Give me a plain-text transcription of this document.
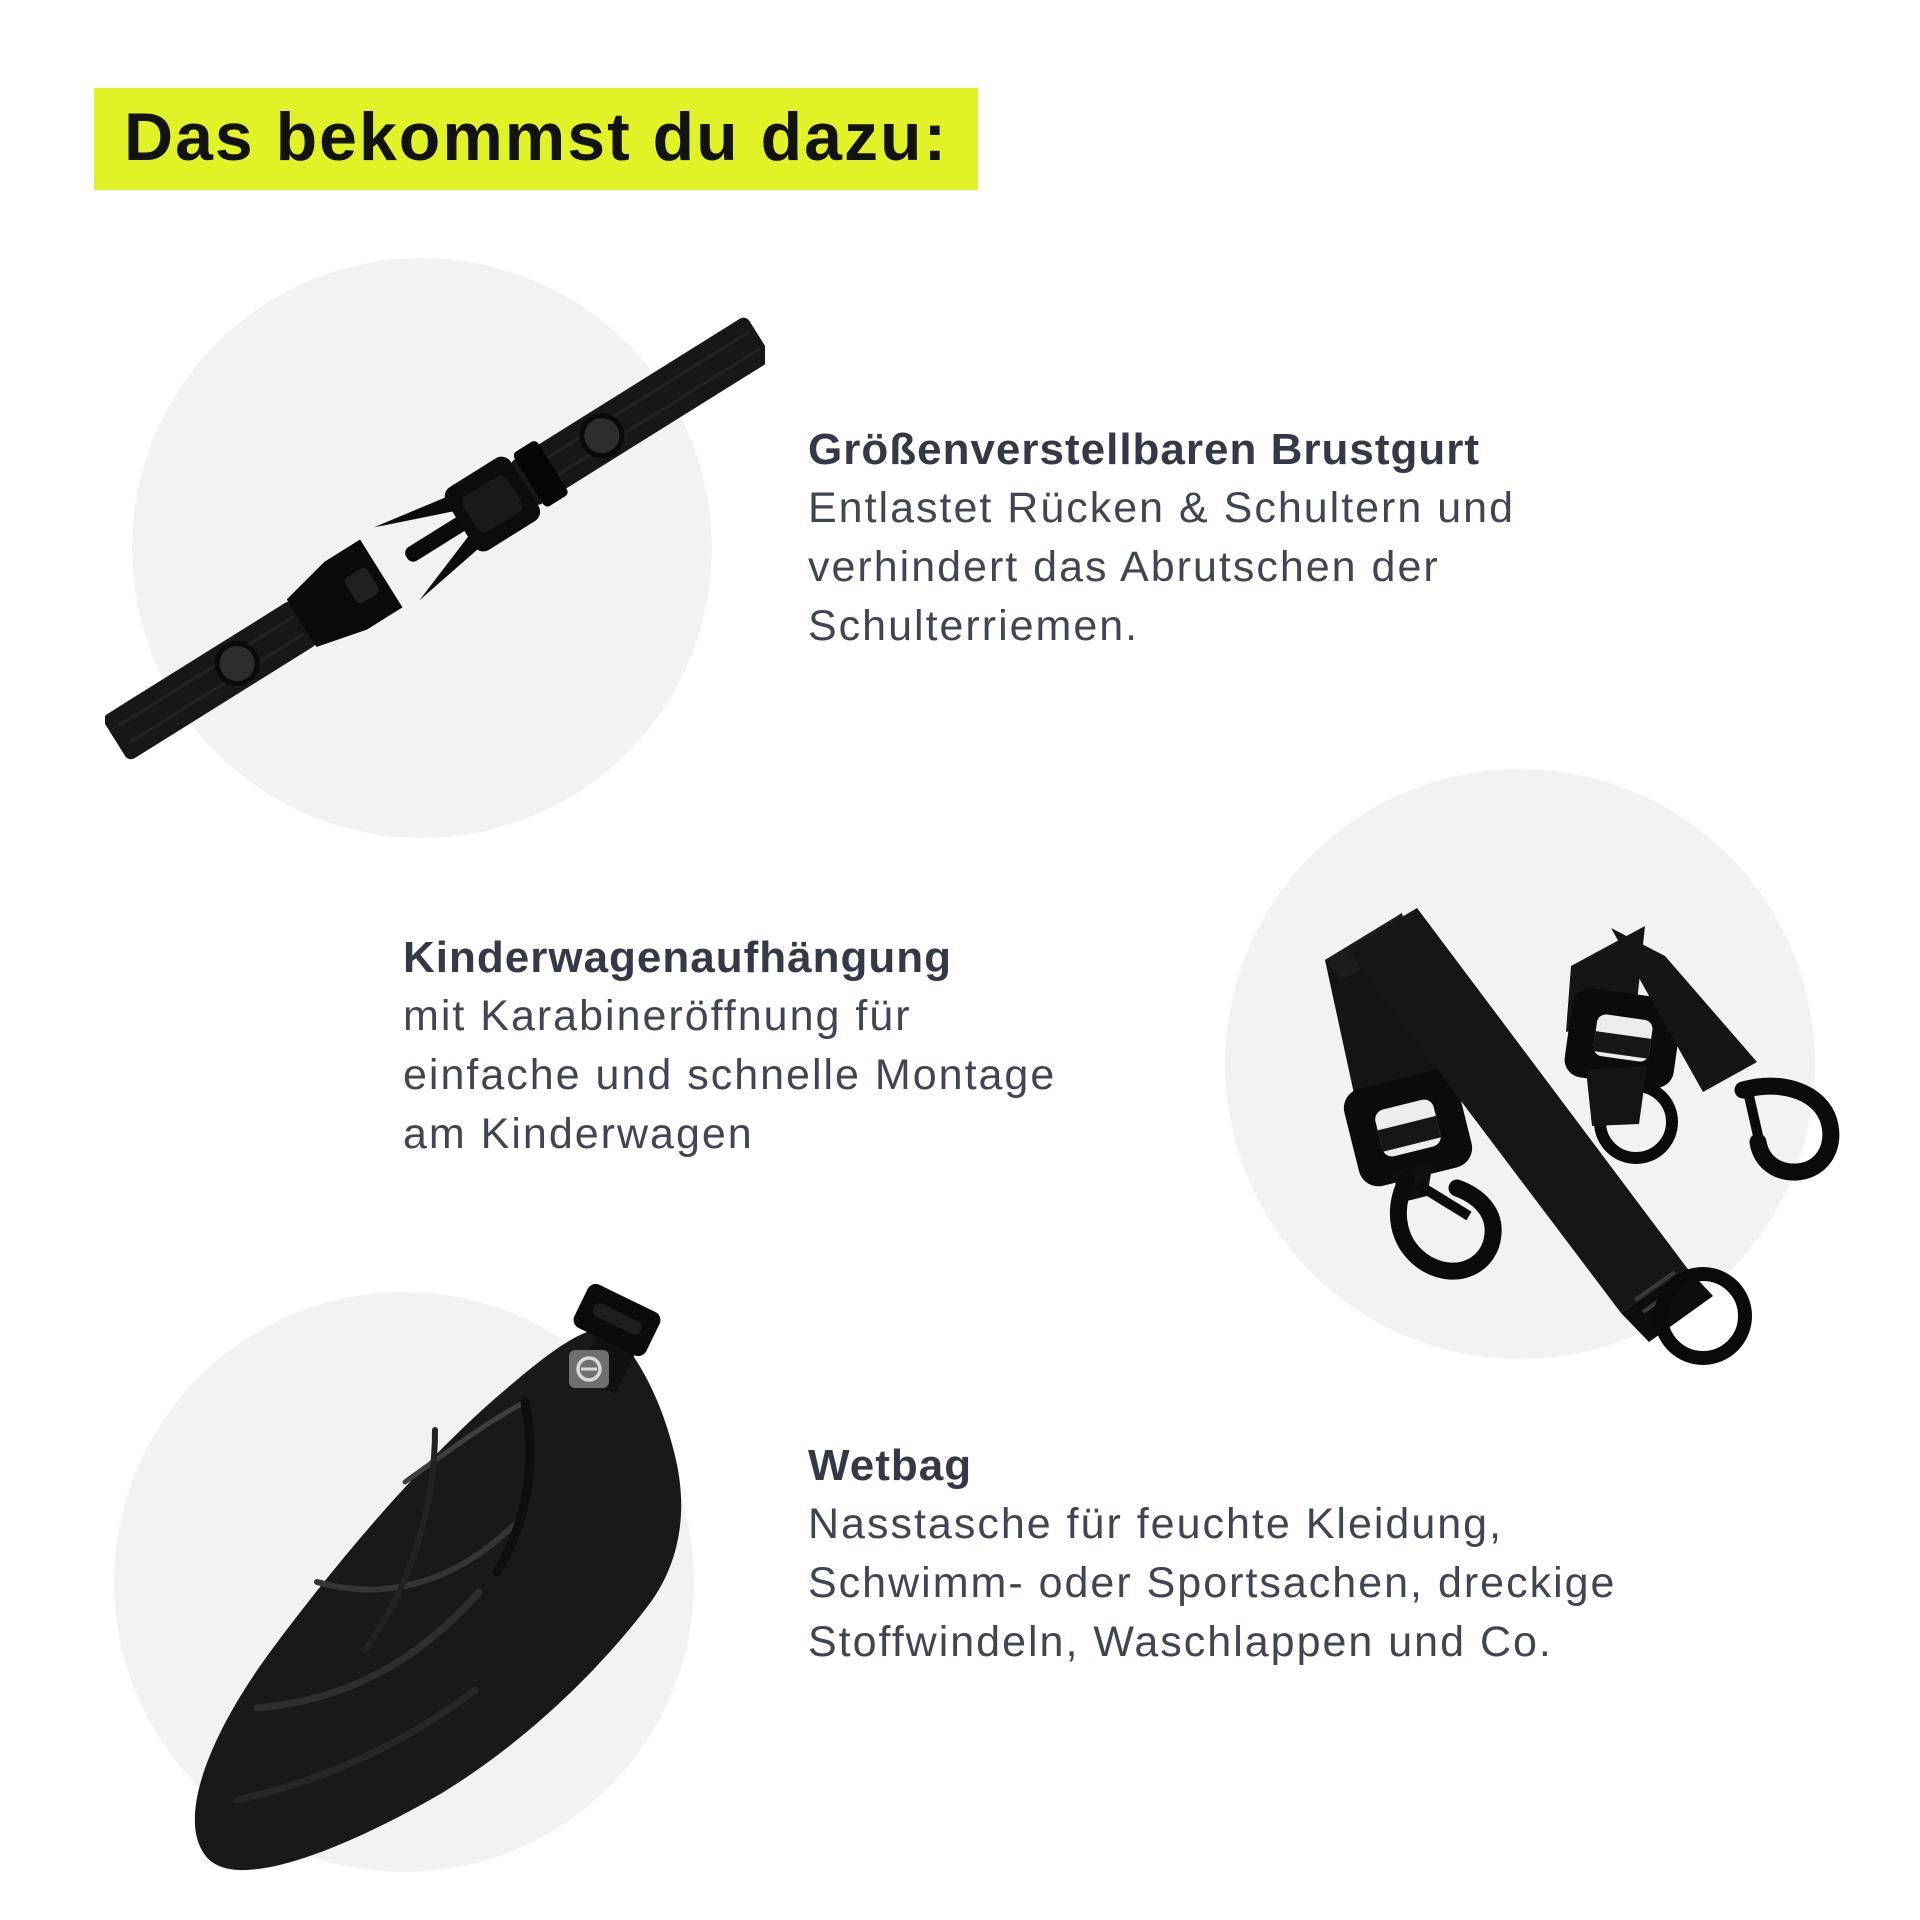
Das bekommst du dazu:
Größenverstellbaren Brustgurt
Entlastet Rücken & Schultern und
verhindert das Abrutschen der
Schulterriemen.
Kinderwagenaufhängung
mit Karabineröffnung für
einfache und schnelle Montage
am Kinderwagen
Wetbag
Nasstasche für feuchte Kleidung,
Schwimm- oder Sportsachen, dreckige
Stoffwindeln, Waschlappen und Co.
